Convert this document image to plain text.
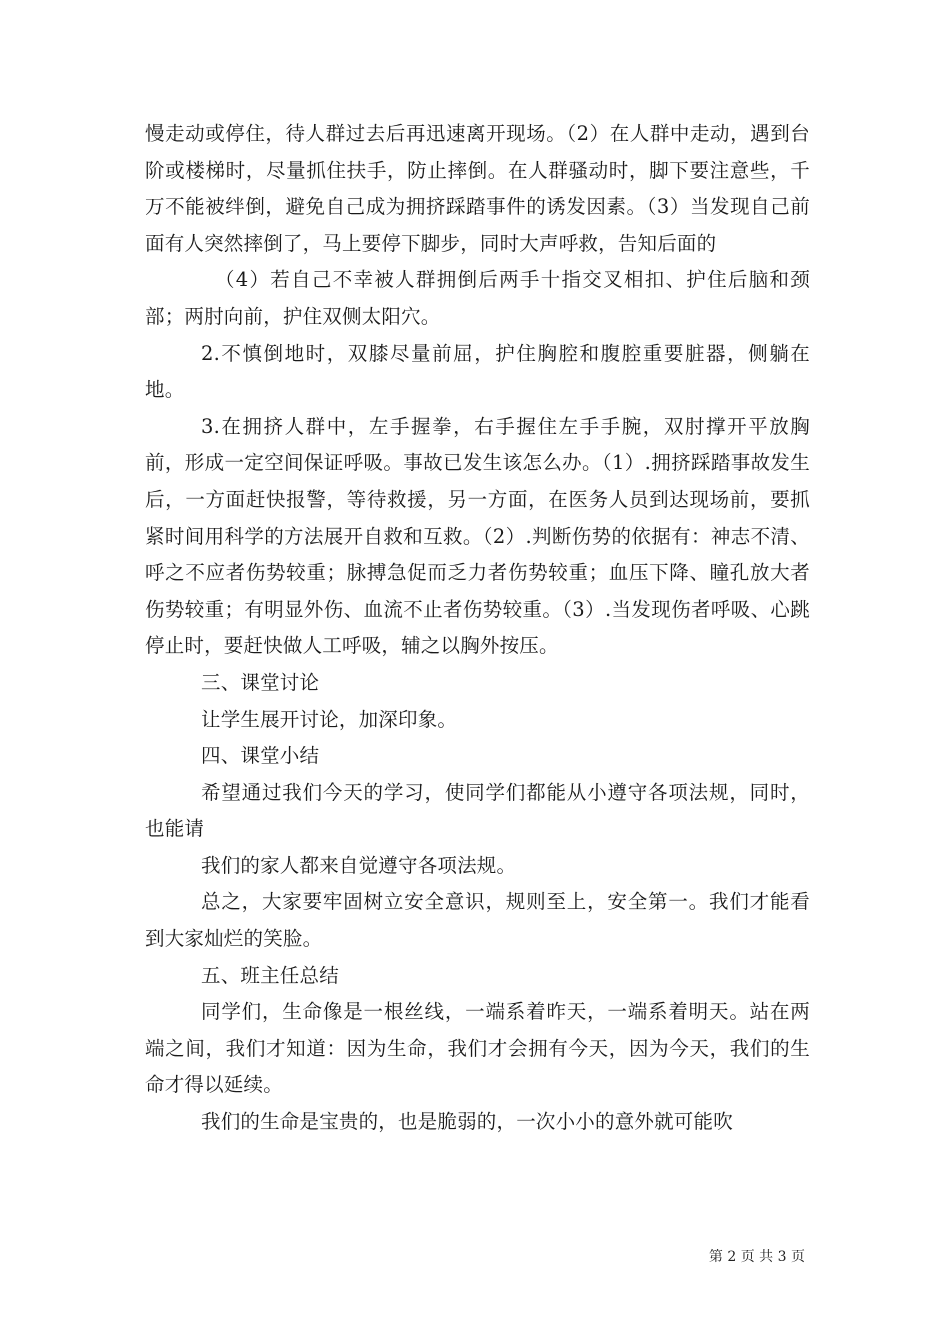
慢走动或停住，待人群过去后再迅速离开现场。（2）在人群中走动，遇到台阶或楼梯时，尽量抓住扶手，防止摔倒。在人群骚动时，脚下要注意些，千万不能被绊倒，避免自己成为拥挤踩踏事件的诱发因素。（3）当发现自己前面有人突然摔倒了，马上要停下脚步，同时大声呼救，告知后面的

（4）若自己不幸被人群拥倒后两手十指交叉相扣、护住后脑和颈部；两肘向前，护住双侧太阳穴。

2.不慎倒地时，双膝尽量前屈，护住胸腔和腹腔重要脏器，侧躺在地。

3.在拥挤人群中，左手握拳，右手握住左手手腕，双肘撑开平放胸前，形成一定空间保证呼吸。事故已发生该怎么办。（1）.拥挤踩踏事故发生后，一方面赶快报警，等待救援，另一方面，在医务人员到达现场前，要抓紧时间用科学的方法展开自救和互救。（2）.判断伤势的依据有：神志不清、呼之不应者伤势较重；脉搏急促而乏力者伤势较重；血压下降、瞳孔放大者伤势较重；有明显外伤、血流不止者伤势较重。（3）.当发现伤者呼吸、心跳停止时，要赶快做人工呼吸，辅之以胸外按压。

三、课堂讨论

让学生展开讨论，加深印象。

四、课堂小结

希望通过我们今天的学习，使同学们都能从小遵守各项法规，同时，也能请

我们的家人都来自觉遵守各项法规。

总之，大家要牢固树立安全意识，规则至上，安全第一。我们才能看到大家灿烂的笑脸。

五、班主任总结

同学们，生命像是一根丝线，一端系着昨天，一端系着明天。站在两端之间，我们才知道：因为生命，我们才会拥有今天，因为今天，我们的生命才得以延续。

我们的生命是宝贵的，也是脆弱的，一次小小的意外就可能吹

第 2 页 共 3 页
